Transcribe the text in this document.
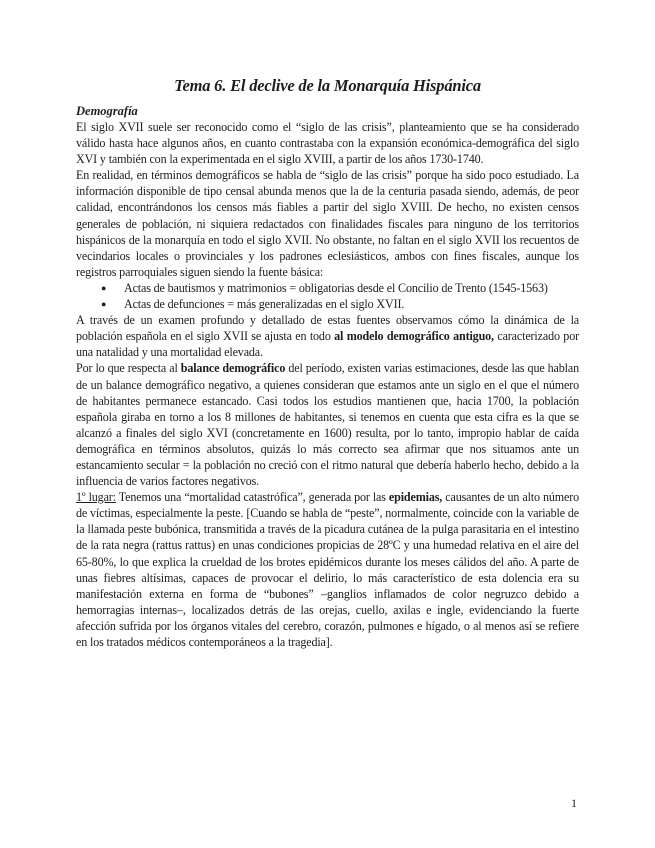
Tema 6. El declive de la Monarquía Hispánica
Demografía

El siglo XVII suele ser reconocido como el “siglo de las crisis”, planteamiento que se ha considerado válido hasta hace algunos años, en cuanto contrastaba con la expansión económica-demográfica del siglo XVI y también con la experimentada en el siglo XVIII, a partir de los años 1730-1740.

En realidad, en términos demográficos se habla de “siglo de las crisis” porque ha sido poco estudiado. La información disponible de tipo censal abunda menos que la de la centuria pasada siendo, además, de peor calidad, encontrándonos los censos más fiables a partir del siglo XVIII. De hecho, no existen censos generales de población, ni siquiera redactados con finalidades fiscales para ninguno de los territorios hispánicos de la monarquía en todo el siglo XVII. No obstante, no faltan en el siglo XVII los recuentos de vecindarios locales o provinciales y los padrones eclesiásticos, ambos con fines fiscales, aunque los registros parroquiales siguen siendo la fuente básica:

● Actas de bautismos y matrimonios = obligatorias desde el Concilio de Trento (1545-1563)
● Actas de defunciones = más generalizadas en el siglo XVII.

A través de un examen profundo y detallado de estas fuentes observamos cómo la dinámica de la población española en el siglo XVII se ajusta en todo al modelo demográfico antiguo, caracterizado por una natalidad y una mortalidad elevada.

Por lo que respecta al balance demográfico del período, existen varias estimaciones, desde las que hablan de un balance demográfico negativo, a quienes consideran que estamos ante un siglo en el que el número de habitantes permanece estancado. Casi todos los estudios mantienen que, hacia 1700, la población española giraba en torno a los 8 millones de habitantes, si tenemos en cuenta que esta cifra es la que se alcanzó a finales del siglo XVI (concretamente en 1600) resulta, por lo tanto, impropio hablar de caída demográfica en términos absolutos, quizás lo más correcto sea afirmar que nos situamos ante un estancamiento secular = la población no creció con el ritmo natural que debería haberlo hecho, debido a la influencia de varios factores negativos.

1º lugar: Tenemos una “mortalidad catastrófica”, generada por las epidemias, causantes de un alto número de víctimas, especialmente la peste. [Cuando se habla de “peste”, normalmente, coincide con la variable de la llamada peste bubónica, transmitida a través de la picadura cutánea de la pulga parasitaria en el intestino de la rata negra (rattus rattus) en unas condiciones propicias de 28ºC y una humedad relativa en el aire del 65-80%, lo que explica la crueldad de los brotes epidémicos durante los meses cálidos del año. A parte de unas fiebres altísimas, capaces de provocar el delirio, lo más característico de esta dolencia era su manifestación externa en forma de “bubones” –ganglios inflamados de color negruzco debido a hemorragias internas–, localizados detrás de las orejas, cuello, axilas e ingle, evidenciando la fuerte afección sufrida por los órganos vitales del cerebro, corazón, pulmones e hígado, o al menos así se refiere en los tratados médicos contemporáneos a la tragedia].

1
